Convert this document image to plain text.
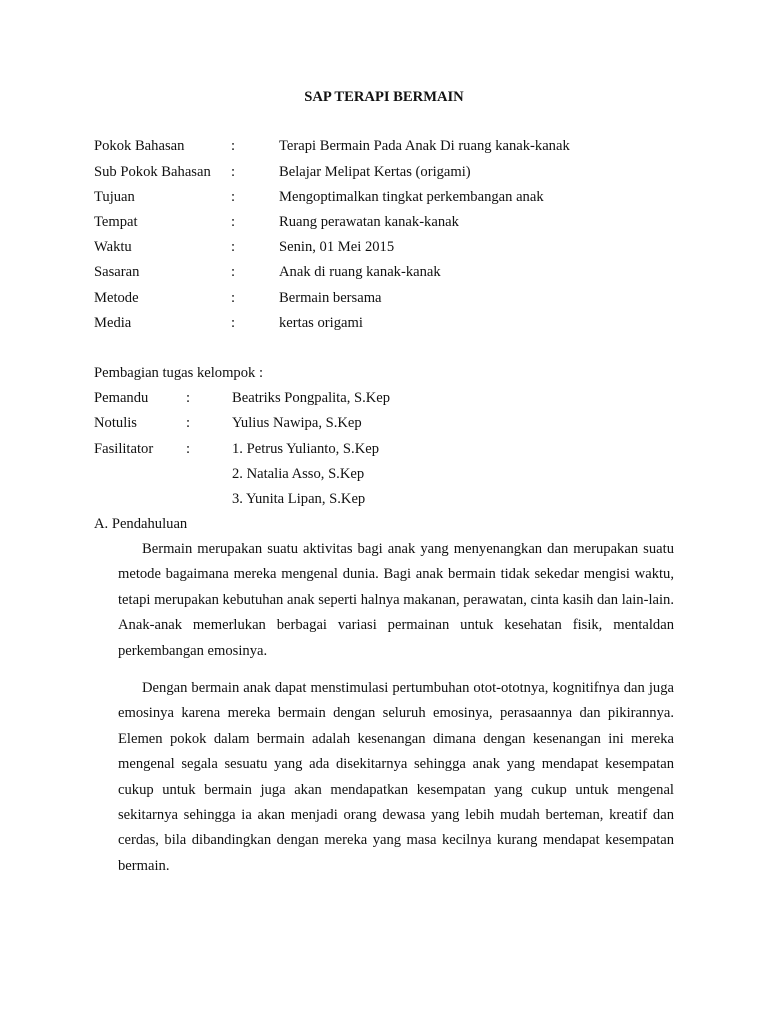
SAP TERAPI BERMAIN
Pokok Bahasan	:	Terapi Bermain Pada Anak Di ruang kanak-kanak
Sub Pokok Bahasan :	Belajar Melipat Kertas (origami)
Tujuan	:	Mengoptimalkan tingkat perkembangan anak
Tempat	:	Ruang perawatan kanak-kanak
Waktu	:	Senin, 01 Mei 2015
Sasaran	:	Anak di ruang kanak-kanak
Metode	:	Bermain bersama
Media	:	kertas origami
Pembagian tugas kelompok :
Pemandu	:	Beatriks Pongpalita, S.Kep
Notulis	:	Yulius Nawipa, S.Kep
Fasilitator :	1. Petrus Yulianto, S.Kep
2. Natalia Asso, S.Kep
3. Yunita Lipan, S.Kep
A. Pendahuluan

Bermain merupakan suatu aktivitas bagi anak yang menyenangkan dan merupakan suatu metode bagaimana mereka mengenal dunia. Bagi anak bermain tidak sekedar mengisi waktu, tetapi merupakan kebutuhan anak seperti halnya makanan, perawatan, cinta kasih dan lain-lain. Anak-anak memerlukan berbagai variasi permainan untuk kesehatan fisik, mentaldan perkembangan emosinya.

Dengan bermain anak dapat menstimulasi pertumbuhan otot-ototnya, kognitifnya dan juga emosinya karena mereka bermain dengan seluruh emosinya, perasaannya dan pikirannya. Elemen pokok dalam bermain adalah kesenangan dimana dengan kesenangan ini mereka mengenal segala sesuatu yang ada disekitarnya sehingga anak yang mendapat kesempatan cukup untuk bermain juga akan mendapatkan kesempatan yang cukup untuk mengenal sekitarnya sehingga ia akan menjadi orang dewasa yang lebih mudah berteman, kreatif dan cerdas, bila dibandingkan dengan mereka yang masa kecilnya kurang mendapat kesempatan bermain.
